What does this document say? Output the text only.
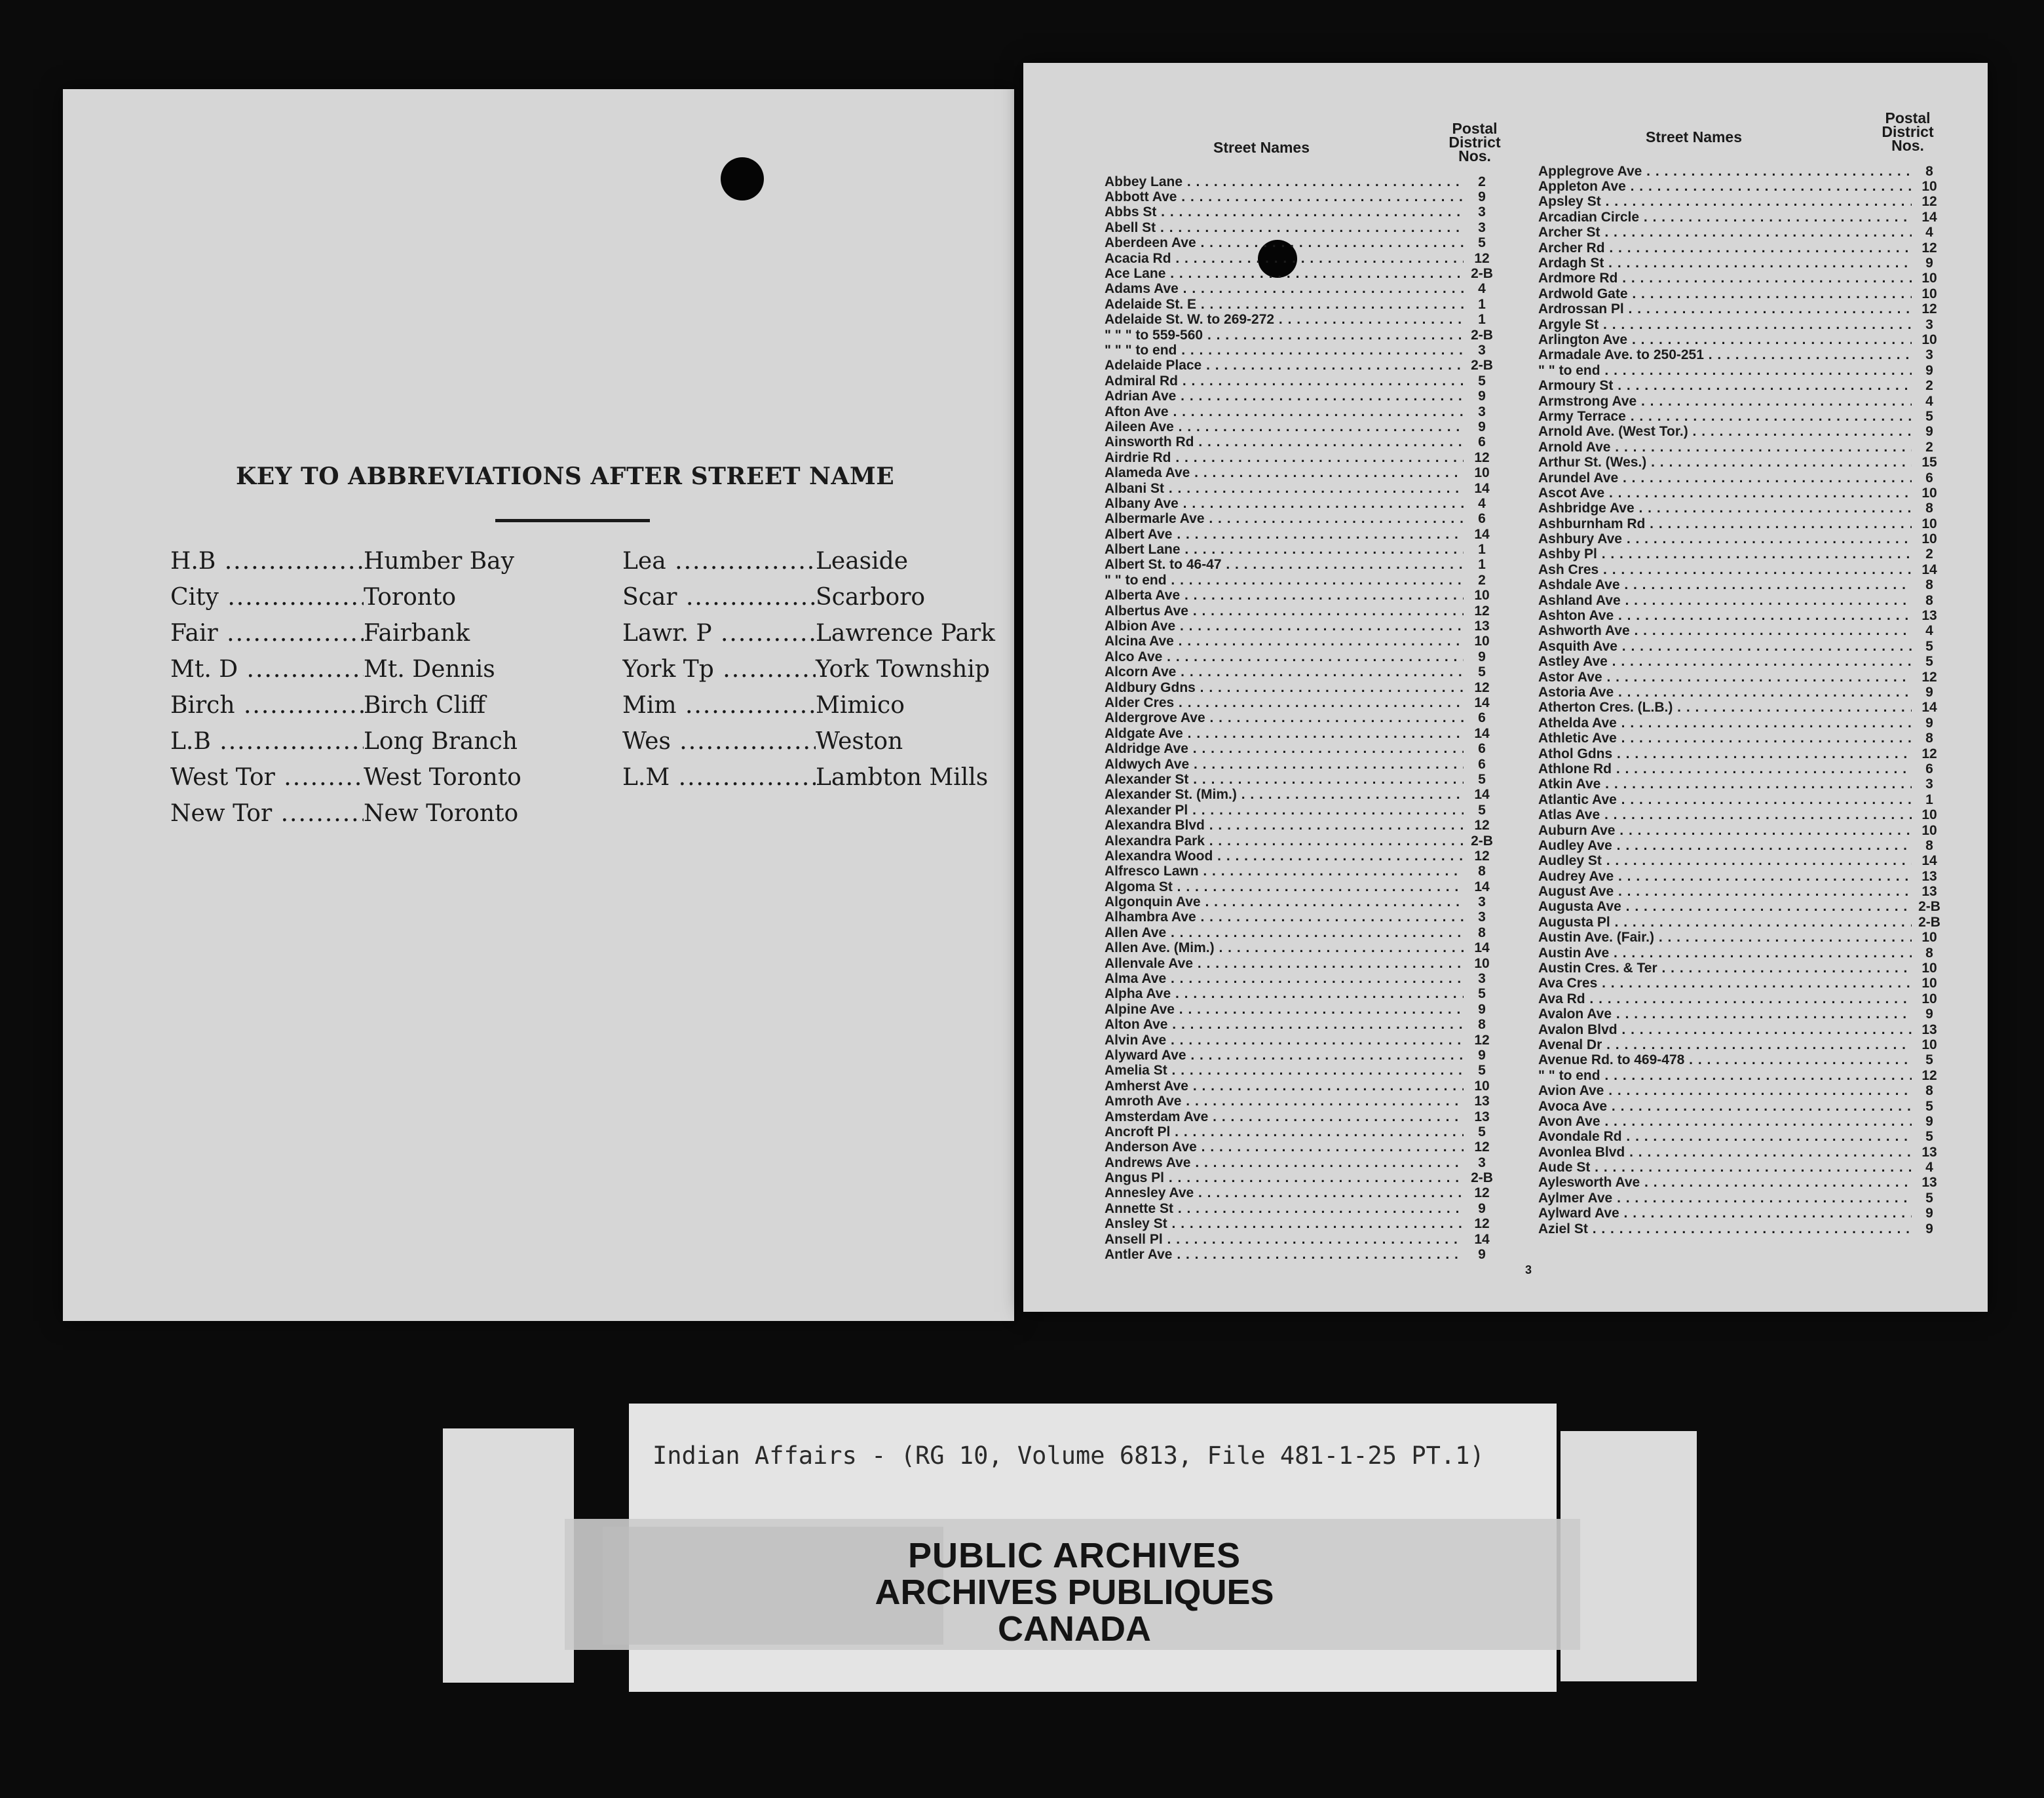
KEY TO ABBREVIATIONS AFTER STREET NAME
H.B .....	Humber Bay
City .....	Toronto
Fair .....	Fairbank
Mt. D .....	Mt. Dennis
Birch .....	Birch Cliff
L.B .....	Long Branch
West Tor .....	West Toronto
New Tor .....	New Toronto
Lea .....	Leaside
Scar .....	Scarboro
Lawr. P .....	Lawrence Park
York Tp .....	York Township
Mim .....	Mimico
Wes .....	Weston
L.M .....	Lambton Mills
Street Names
Postal
District
Nos.
Street Names
Postal
District
Nos.
Abbey Lane . . .	2
Abbott Ave . . .	9
Abbs St . . .	3
Abell St . . .	3
Aberdeen Ave . . .	5
Acacia Rd . . .	12
Ace Lane . . .	2-B
Adams Ave . . .	4
Adelaide St. E . . .	1
Adelaide St. W. to 269-272 . . .	1
" " " to 559-560 . . .	2-B
" " " to end . . .	3
Adelaide Place . . .	2-B
Admiral Rd . . .	5
Adrian Ave . . .	9
Afton Ave . . .	3
Aileen Ave . . .	9
Ainsworth Rd . . .	6
Airdrie Rd . . .	12
Alameda Ave . . .	10
Albani St . . .	14
Albany Ave . . .	4
Albermarle Ave . . .	6
Albert Ave . . .	14
Albert Lane . . .	1
Albert St. to 46-47 . . .	1
" " to end . . .	2
Alberta Ave . . .	10
Albertus Ave . . .	12
Albion Ave . . .	13
Alcina Ave . . .	10
Alco Ave . . .	9
Alcorn Ave . . .	5
Aldbury Gdns . . .	12
Alder Cres . . .	14
Aldergrove Ave . . .	6
Aldgate Ave . . .	14
Aldridge Ave . . .	6
Aldwych Ave . . .	6
Alexander St . . .	5
Alexander St. (Mim.) . . .	14
Alexander Pl . . .	5
Alexandra Blvd . . .	12
Alexandra Park . . .	2-B
Alexandra Wood . . .	12
Alfresco Lawn . . .	8
Algoma St . . .	14
Algonquin Ave . . .	3
Alhambra Ave . . .	3
Allen Ave . . .	8
Allen Ave. (Mim.) . . .	14
Allenvale Ave . . .	10
Alma Ave . . .	3
Alpha Ave . . .	5
Alpine Ave . . .	9
Alton Ave . . .	8
Alvin Ave . . .	12
Alyward Ave . . .	9
Amelia St . . .	5
Amherst Ave . . .	10
Amroth Ave . . .	13
Amsterdam Ave . . .	13
Ancroft Pl . . .	5
Anderson Ave . . .	12
Andrews Ave . . .	3
Angus Pl . . .	2-B
Annesley Ave . . .	12
Annette St . . .	9
Ansley St . . .	12
Ansell Pl . . .	14
Antler Ave . . .	9
Applegrove Ave . . .	8
Appleton Ave . . .	10
Apsley St . . .	12
Arcadian Circle . . .	14
Archer St . . .	4
Archer Rd . . .	12
Ardagh St . . .	9
Ardmore Rd . . .	10
Ardwold Gate . . .	10
Ardrossan Pl . . .	12
Argyle St . . .	3
Arlington Ave . . .	10
Armadale Ave. to 250-251 . . .	3
" " to end . . .	9
Armoury St . . .	2
Armstrong Ave . . .	4
Army Terrace . . .	5
Arnold Ave. (West Tor.) . . .	9
Arnold Ave . . .	2
Arthur St. (Wes.) . . .	15
Arundel Ave . . .	6
Ascot Ave . . .	10
Ashbridge Ave . . .	8
Ashburnham Rd . . .	10
Ashbury Ave . . .	10
Ashby Pl . . .	2
Ash Cres . . .	14
Ashdale Ave . . .	8
Ashland Ave . . .	8
Ashton Ave . . .	13
Ashworth Ave . . .	4
Asquith Ave . . .	5
Astley Ave . . .	5
Astor Ave . . .	12
Astoria Ave . . .	9
Atherton Cres. (L.B.) . . .	14
Athelda Ave . . .	9
Athletic Ave . . .	8
Athol Gdns . . .	12
Athlone Rd . . .	6
Atkin Ave . . .	3
Atlantic Ave . . .	1
Atlas Ave . . .	10
Auburn Ave . . .	10
Audley Ave . . .	8
Audley St . . .	14
Audrey Ave . . .	13
August Ave . . .	13
Augusta Ave . . .	2-B
Augusta Pl . . .	2-B
Austin Ave. (Fair.) . . .	10
Austin Ave . . .	8
Austin Cres. & Ter . . .	10
Ava Cres . . .	10
Ava Rd . . .	10
Avalon Ave . . .	9
Avalon Blvd . . .	13
Avenal Dr . . .	10
Avenue Rd. to 469-478 . . .	5
" " to end . . .	12
Avion Ave . . .	8
Avoca Ave . . .	5
Avon Ave . . .	9
Avondale Rd . . .	5
Avonlea Blvd . . .	13
Aude St . . .	4
Aylesworth Ave . . .	13
Aylmer Ave . . .	5
Aylward Ave . . .	9
Aziel St . . .	9
3
Indian Affairs - (RG 10, Volume 6813, File 481-1-25 PT.1)
PUBLIC ARCHIVES
ARCHIVES PUBLIQUES
CANADA
